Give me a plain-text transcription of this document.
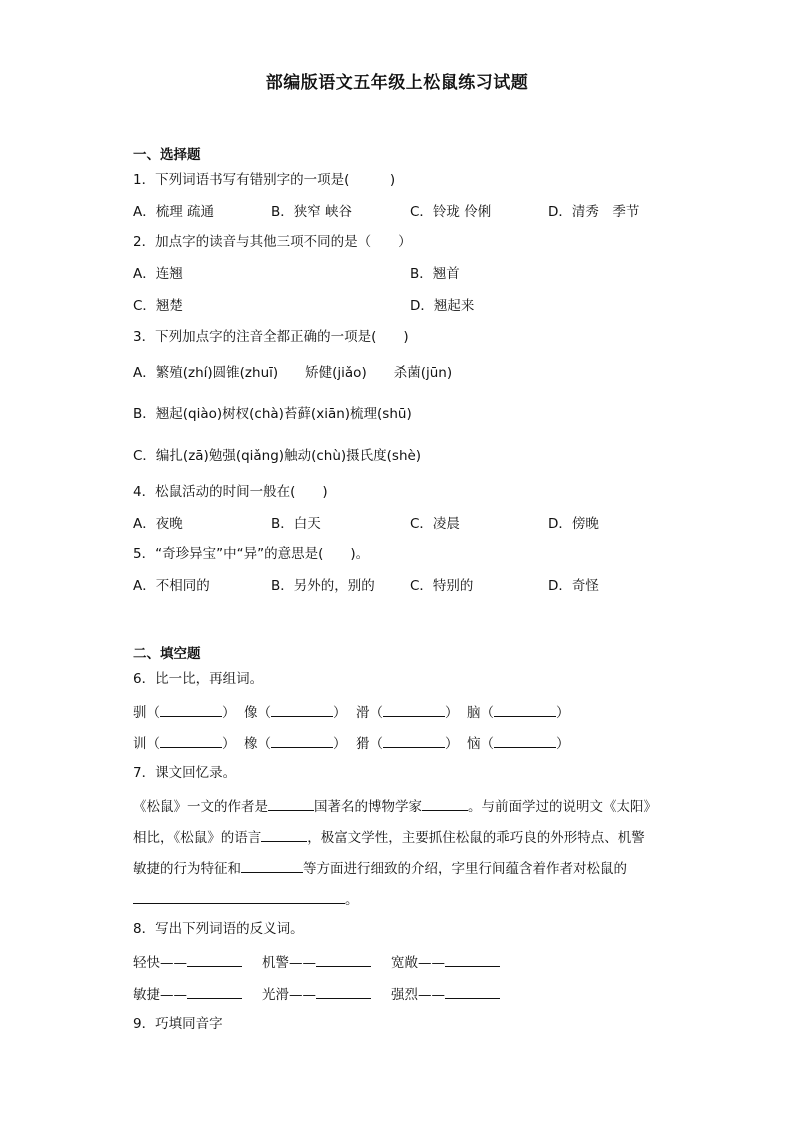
部编版语文五年级上松鼠练习试题
一、选择题
1．下列词语书写有错别字的一项是(　　　)
A．梳理 疏通	B．狭窄 峡谷	C．铃珑 伶俐	D．清秀　季节
2．加点字的读音与其他三项不同的是（　　）
A．连翘	B．翘首
C．翘楚	D．翘起来
3．下列加点字的注音全都正确的一项是(　　)
A．繁殖(zhí)圆锥(zhuī)　　矫健(jiǎo)　　杀菌(jūn)
B．翘起(qiào)树杈(chà)苔藓(xiān)梳理(shū)
C．编扎(zā)勉强(qiǎng)触动(chù)摄氏度(shè)
4．松鼠活动的时间一般在(　　)
A．夜晚	B．白天	C．凌晨	D．傍晚
5．“奇珍异宝”中“异”的意思是(　　)。
A．不相同的	B．另外的，别的	C．特别的	D．奇怪
二、填空题
6．比一比，再组词。
驯（	） 像（	） 滑（	） 脑（	）
训（	） 橡（	） 猾（	） 恼（	）
7．课文回忆录。
《松鼠》一文的作者是	国著名的博物学家	。与前面学过的说明文《太阳》
相比，《松鼠》的语言	，极富文学性，主要抓住松鼠的乖巧良的外形特点、机警
敏捷的行为特征和	等方面进行细致的介绍，字里行间蕴含着作者对松鼠的
。
8．写出下列词语的反义词。
轻快——	机警——	宽敞——
敏捷——	光滑——	强烈——
9．巧填同音字
